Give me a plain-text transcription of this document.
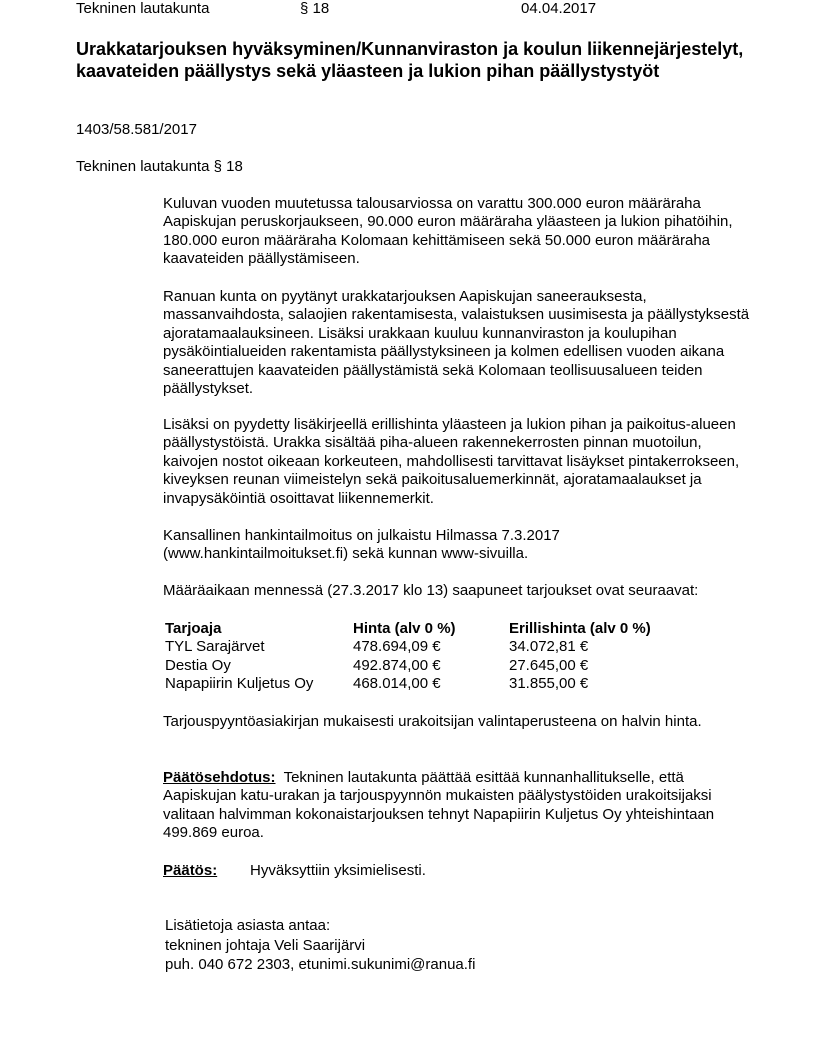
Tekninen lautakunta	§ 18	04.04.2017
Urakkatarjouksen hyväksyminen/Kunnanviraston ja koulun liikennejärjestelyt, kaavateiden päällystys sekä yläasteen ja lukion pihan päällystystyöt
1403/58.581/2017
Tekninen lautakunta § 18

Kuluvan vuoden muutetussa talousarviossa on varattu 300.000 euron määräraha Aapiskujan peruskorjaukseen, 90.000 euron määräraha yläasteen ja lukion pihatöihin, 180.000 euron määräraha Kolomaan kehittämiseen sekä 50.000 euron määräraha kaavateiden päällystämiseen.

Ranuan kunta on pyytänyt urakkatarjouksen Aapiskujan saneerauksesta, massanvaihdosta, salaojien rakentamisesta, valaistuksen uusimisesta ja päällystyksestä ajoratamaalauksineen. Lisäksi urakkaan kuuluu kunnanviraston ja koulupihan pysäköintialueiden rakentamista päällystyksineen ja kolmen edellisen vuoden aikana saneerattujen kaavateiden päällystämistä sekä Kolomaan teollisuusalueen teiden päällystykset.

Lisäksi on pyydetty lisäkirjeellä erillishinta yläasteen ja lukion pihan ja paikoitus-alueen päällystystöistä. Urakka sisältää piha-alueen rakennekerrosten pinnan muotoilun, kaivojen nostot oikeaan korkeuteen, mahdollisesti tarvittavat lisäykset pintakerrokseen, kiveyksen reunan viimeistelyn sekä paikoitusaluemerkinnät, ajoratamaalaukset ja invapysäköintiä osoittavat liikennemerkit.

Kansallinen hankintailmoitus on julkaistu Hilmassa 7.3.2017

(www.hankintailmoitukset.fi) sekä kunnan www-sivuilla.

Määräaikaan mennessä (27.3.2017 klo 13) saapuneet tarjoukset ovat seuraavat:

Tarjoaja	Hinta (alv 0 %)	Erillishinta (alv 0 %)
TYL Sarajärvet	478.694,09 €	34.072,81 €
Destia Oy	492.874,00 €	27.645,00 €
Napapiirin Kuljetus Oy	468.014,00 €	31.855,00 €

Tarjouspyyntöasiakirjan mukaisesti urakoitsijan valintaperusteena on halvin hinta.

Päätösehdotus: Tekninen lautakunta päättää esittää kunnanhallitukselle, että Aapiskujan katu-urakan ja tarjouspyynnön mukaisten päälystystöiden urakoitsijaksi valitaan halvimman kokonaistarjouksen tehnyt Napapiirin Kuljetus Oy yhteishintaan 499.869 euroa.

Päätös: Hyväksyttiin yksimielisesti.

Lisätietoja asiasta antaa:
tekninen johtaja Veli Saarijärvi
puh. 040 672 2303, etunimi.sukunimi@ranua.fi
